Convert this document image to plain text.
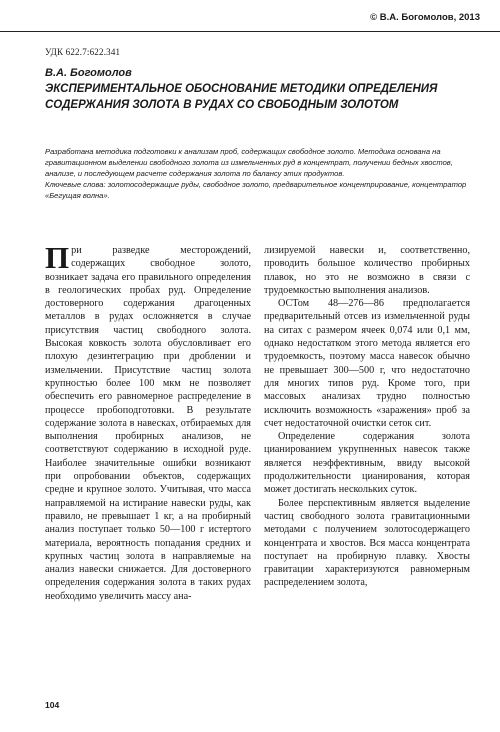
© В.А. Богомолов, 2013
УДК 622.7:622.341
В.А. Богомолов
ЭКСПЕРИМЕНТАЛЬНОЕ ОБОСНОВАНИЕ МЕТОДИКИ ОПРЕДЕЛЕНИЯ СОДЕРЖАНИЯ ЗОЛОТА В РУДАХ СО СВОБОДНЫМ ЗОЛОТОМ

Разработана методика подготовки к анализам проб, содержащих свободное золото. Методика основана на гравитационном выделении свободного золота из измельченных руд в концентрат, получении бедных хвостов, анализе, и последующем расчете содержания золота по балансу этих продуктов.

Ключевые слова: золотосодержащие руды, свободное золото, предварительное концентрирование, концентратор «Бегущая волна».

При разведке месторождений, содержащих свободное золото, возникает задача его правильного определения в геологических пробах руд. Определение достоверного содержания драгоценных металлов в рудах осложняется в случае присутствия частиц свободного золота. Высокая ковкость золота обусловливает его плохую дезинтеграцию при дроблении и измельчении. Присутствие частиц золота крупностью более 100 мкм не позволяет обеспечить его равномерное распределение в процессе пробоподготовки. В результате содержание золота в навесках, отбираемых для выполнения пробирных анализов, не соответствуют содержанию в исходной руде. Наиболее значительные ошибки возникают при опробовании объектов, содержащих средне и крупное золото. Учитывая, что масса направляемой на истирание навески руды, как правило, не превышает 1 кг, а на пробирный анализ поступает только 50—100 г истертого материала, вероятность попадания средних и крупных частиц золота в направляемые на анализ навески снижается. Для достоверного определения содержания золота в таких рудах необходимо увеличить массу ана-

лизируемой навески и, соответственно, проводить большое количество пробирных плавок, но это не возможно в связи с трудоемкостью выполнения анализов.

ОСТом 48—276—86 предполагается предварительный отсев из измельченной руды на ситах с размером ячеек 0,074 или 0,1 мм, однако недостатком этого метода является его трудоемкость, поэтому масса навесок обычно не превышает 300—500 г, что недостаточно для многих типов руд. Кроме того, при массовых анализах трудно полностью исключить возможность «заражения» проб за счет недостаточной очистки сеток сит.

Определение содержания золота цианированием укрупненных навесок также является неэффективным, ввиду высокой продолжительности цианирования, которая может достигать нескольких суток.

Более перспективным является выделение частиц свободного золота гравитационными методами с получением золотосодержащего концентрата и хвостов. Вся масса концентрата поступает на пробирную плавку. Хвосты гравитации характеризуются равномерным распределением золота,

104
